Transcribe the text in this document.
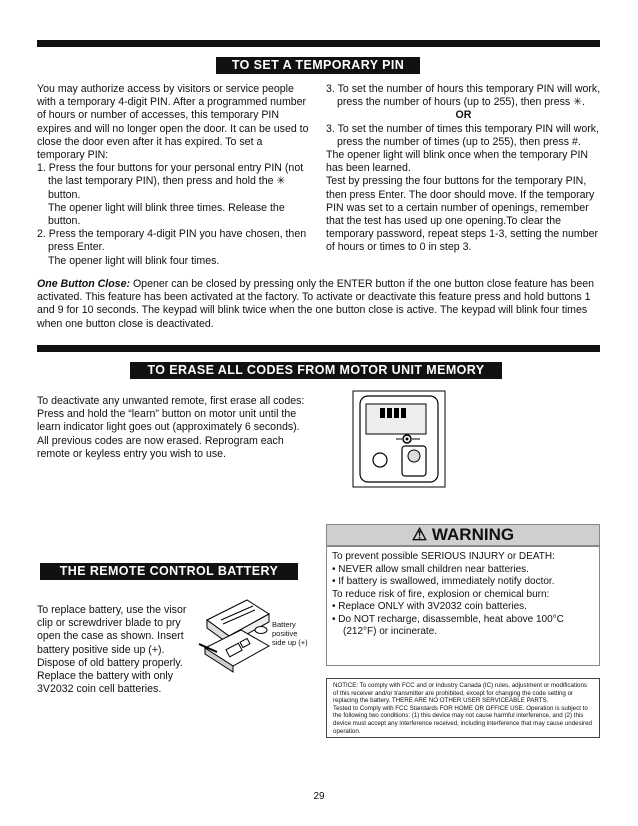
TO SET A TEMPORARY PIN

You may authorize access by visitors or service people with a temporary 4-digit PIN. After a programmed number of hours or number of accesses, this temporary PIN expires and will no longer open the door. It can be used to close the door even after it has expired. To set a temporary PIN:

1. Press the four buttons for your personal entry PIN (not the last temporary PIN), then press and hold the ✳ button.

The opener light will blink three times. Release the button.

2. Press the temporary 4-digit PIN you have chosen, then press Enter.

The opener light will blink four times.

3. To set the number of hours this temporary PIN will work, press the number of hours (up to 255), then press ✳.

OR

3. To set the number of times this temporary PIN will work, press the number of times (up to 255), then press #.

The opener light will blink once when the temporary PIN has been learned.

Test by pressing the four buttons for the temporary PIN, then press Enter. The door should move. If the temporary PIN was set to a certain number of openings, remember that the test has used up one opening.To clear the temporary password, repeat steps 1-3, setting the number of hours or times to 0 in step 3.

One Button Close: Opener can be closed by pressing only the ENTER button if the one button close feature has been activated. This feature has been activated at the factory. To activate or deactivate this feature press and hold buttons 1 and 9 for 10 seconds. The keypad will blink twice when the one button close is active. The keypad will blink four times when one button close is deactivated.

TO ERASE ALL CODES FROM MOTOR UNIT MEMORY

To deactivate any unwanted remote, first erase all codes:

Press and hold the “learn” button on motor unit until the learn indicator light goes out (approximately 6 seconds). All previous codes are now erased. Reprogram each remote or keyless entry you wish to use.

⚠ WARNING

To prevent possible SERIOUS INJURY or DEATH:

• NEVER allow small children near batteries.

• If battery is swallowed, immediately notify doctor.

To reduce risk of fire, explosion or chemical burn:

• Replace ONLY with 3V2032 coin batteries.

• Do NOT recharge, disassemble, heat above 100°C (212°F) or incinerate.

THE REMOTE CONTROL BATTERY

To replace battery, use the visor clip or screwdriver blade to pry open the case as shown. Insert battery positive side up (+).

Dispose of old battery properly.

Replace the battery with only 3V2032 coin cell batteries.

Battery
positive
side up (+)

NOTICE: To comply with FCC and or Industry Canada (IC) rules, adjustment or modifications of this receiver and/or transmitter are prohibited, except for changing the code setting or replacing the battery. THERE ARE NO OTHER USER SERVICEABLE PARTS.

Tested to Comply with FCC Standards FOR HOME OR OFFICE USE. Operation is subject to the following two conditions: (1) this device may not cause harmful interference, and (2) this device must accept any interference received, including interference that may cause undesired operation.

29
